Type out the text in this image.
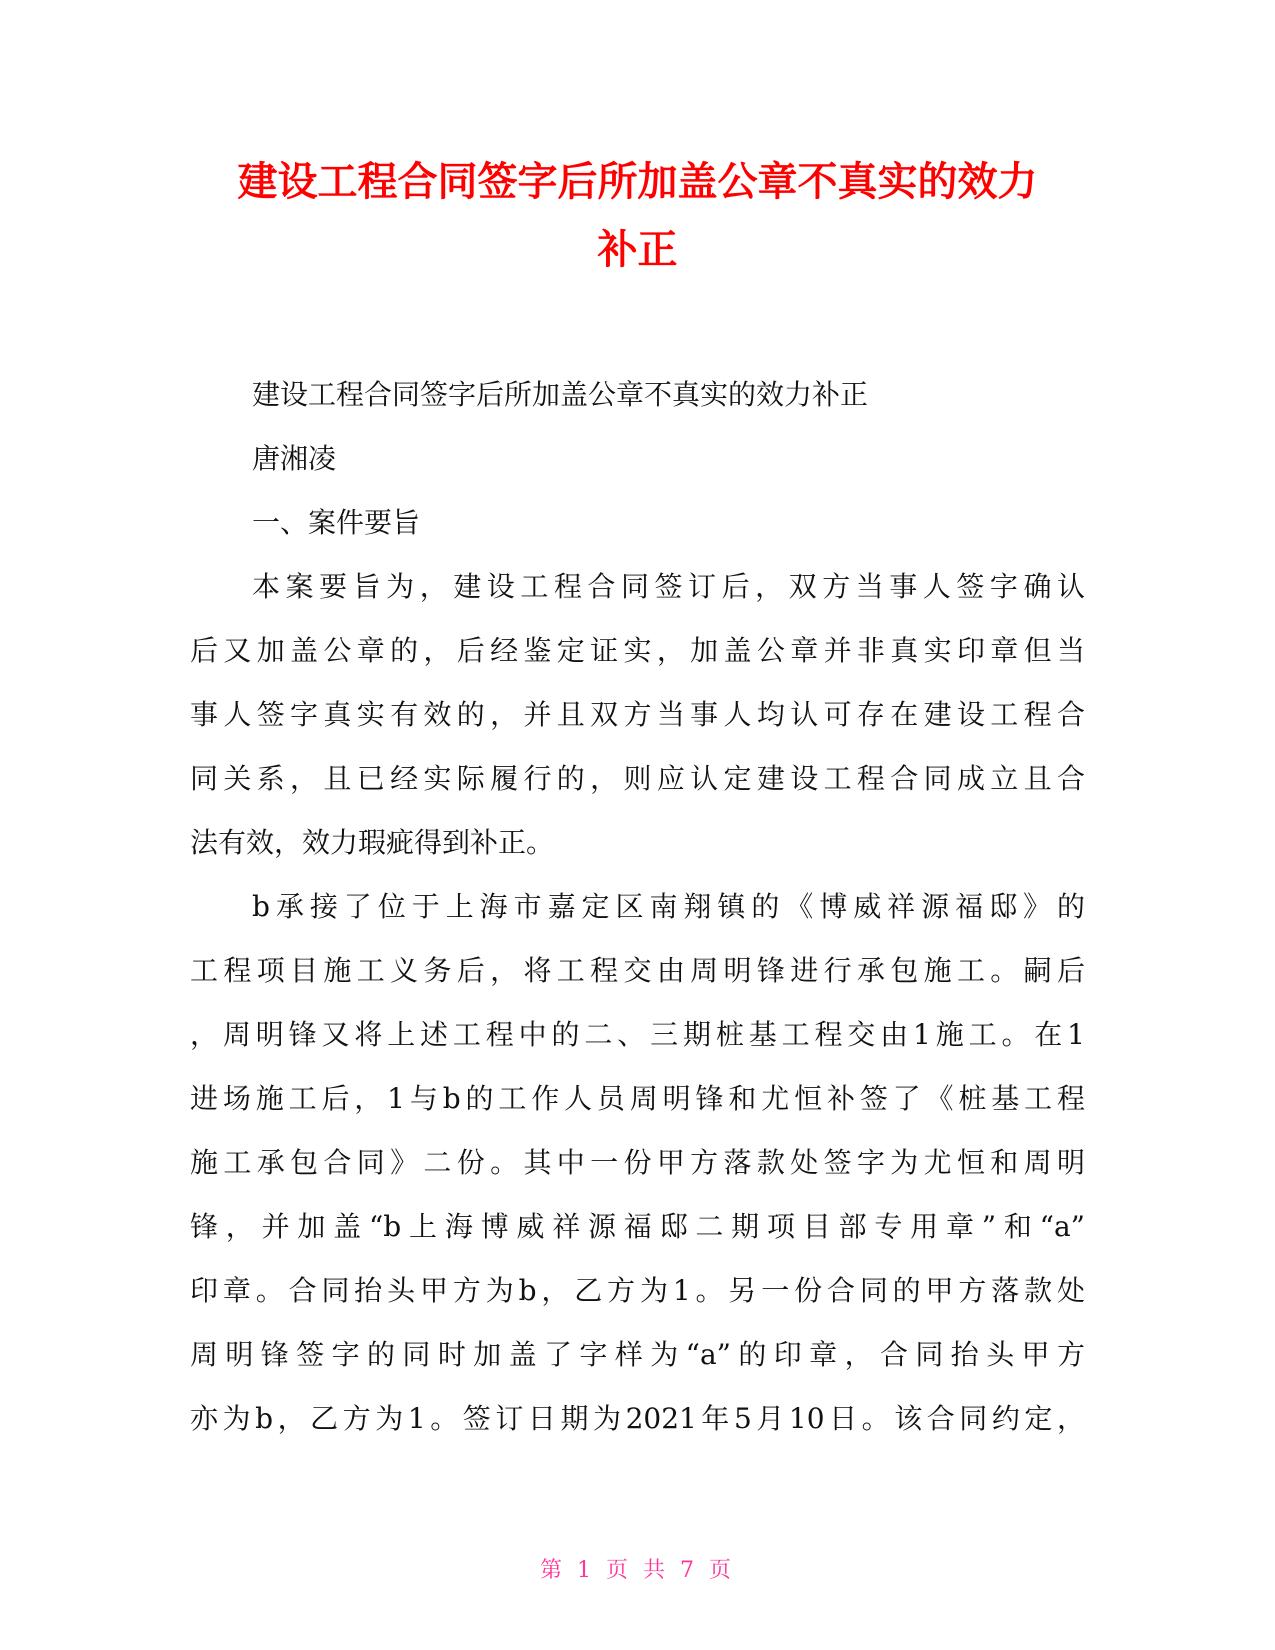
建设工程合同签字后所加盖公章不真实的效力
补正
建设工程合同签字后所加盖公章不真实的效力补正
唐湘凌
一、案件要旨
本案要旨为，建设工程合同签订后，双方当事人签字确认
后又加盖公章的，后经鉴定证实，加盖公章并非真实印章但当
事人签字真实有效的，并且双方当事人均认可存在建设工程合
同关系，且已经实际履行的，则应认定建设工程合同成立且合
法有效，效力瑕疵得到补正。
b承接了位于上海市嘉定区南翔镇的《博威祥源福邸》的
工程项目施工义务后，将工程交由周明锋进行承包施工。嗣后
，周明锋又将上述工程中的二、三期桩基工程交由1施工。在1
进场施工后，1与b的工作人员周明锋和尤恒补签了《桩基工程
施工承包合同》二份。其中一份甲方落款处签字为尤恒和周明
锋，并加盖“b上海博威祥源福邸二期项目部专用章”和“a”
印章。合同抬头甲方为b，乙方为1。另一份合同的甲方落款处
周明锋签字的同时加盖了字样为“a”的印章，合同抬头甲方
亦为b，乙方为1。签订日期为2021年5月10日。该合同约定，
第 1 页 共 7 页
